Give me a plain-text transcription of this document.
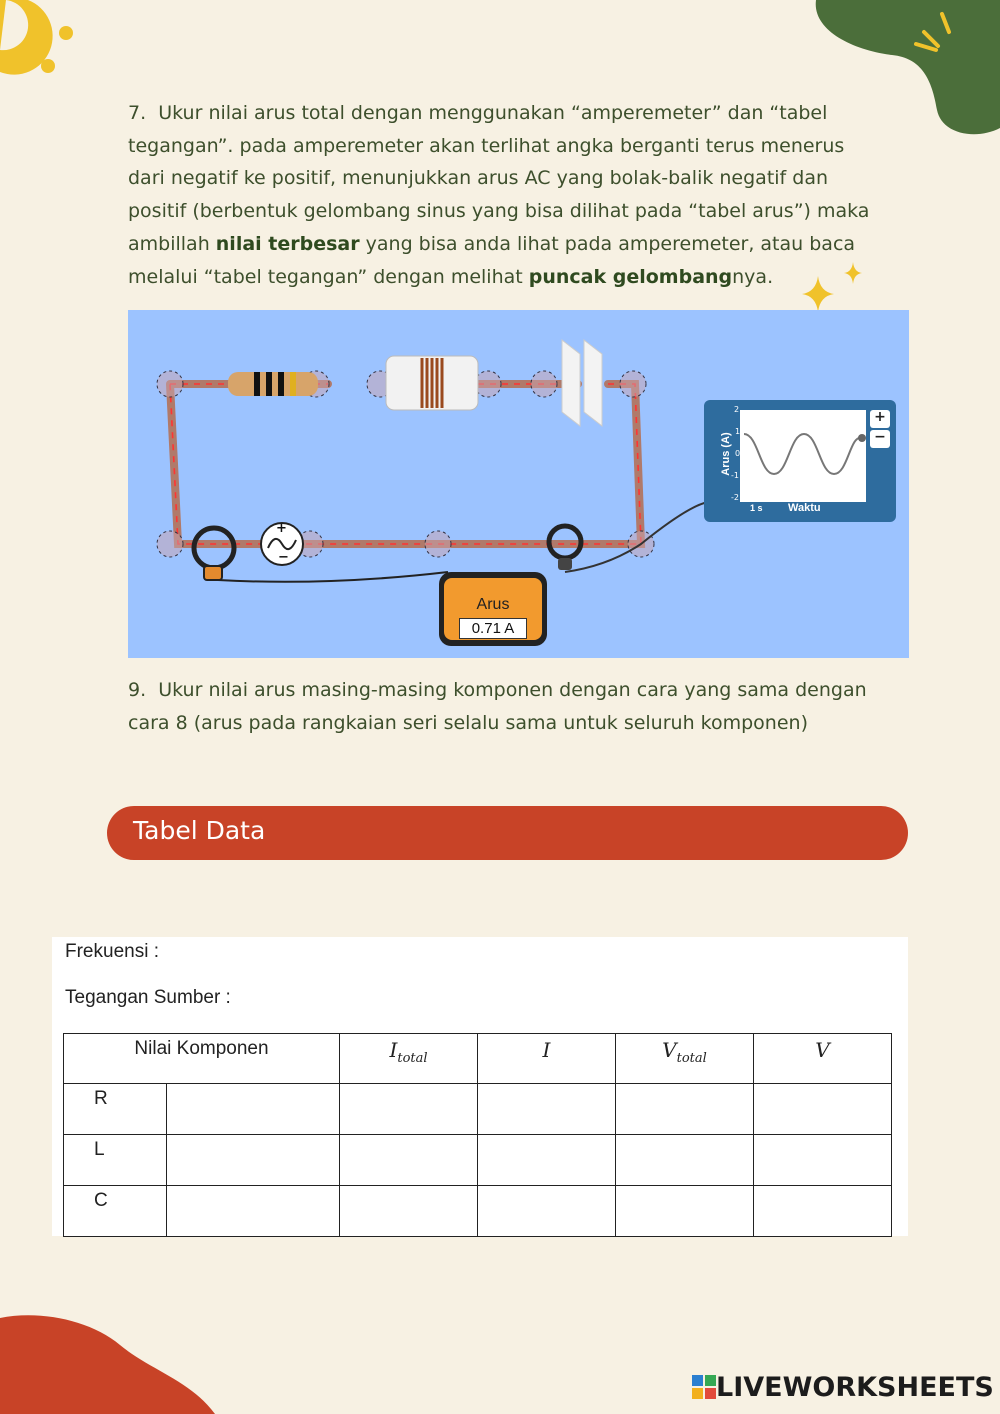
7. Ukur nilai arus total dengan menggunakan “amperemeter” dan “tabel
tegangan”. pada amperemeter akan terlihat angka berganti terus menerus
dari negatif ke positif, menunjukkan arus AC yang bolak-balik negatif dan
positif (berbentuk gelombang sinus yang bisa dilihat pada “tabel arus”) maka
ambillah nilai terbesar yang bisa anda lihat pada amperemeter, atau baca
melalui “tabel tegangan” dengan melihat puncak gelombangnya.
+
−
Arus
0.71 A
Arus (A)
2
1
0
-1
-2
1 s Waktu
+
−
9. Ukur nilai arus masing-masing komponen dengan cara yang sama dengan
cara 8 (arus pada rangkaian seri selalu sama untuk seluruh komponen)
Tabel Data
Frekuensi :
Tegangan Sumber :
Nilai Komponen		$I_{total}$	I	$V_{total}$	V
R					
L					
C					
LIVEWORKSHEETS
